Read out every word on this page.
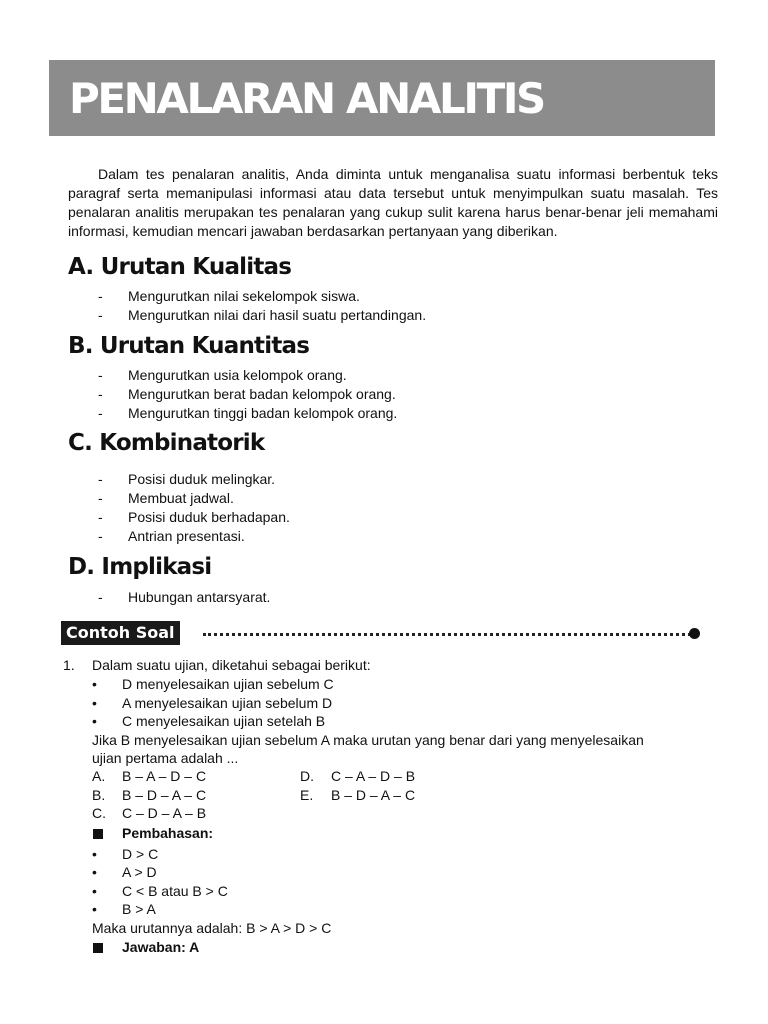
PENALARAN ANALITIS
Dalam tes penalaran analitis, Anda diminta untuk menganalisa suatu informasi berbentuk teks paragraf serta memanipulasi informasi atau data tersebut untuk menyimpulkan suatu masalah. Tes penalaran analitis merupakan tes penalaran yang cukup sulit karena harus benar-benar jeli memahami informasi, kemudian mencari jawaban berdasarkan pertanyaan yang diberikan.
A. Urutan Kualitas
- Mengurutkan nilai sekelompok siswa.
- Mengurutkan nilai dari hasil suatu pertandingan.
B. Urutan Kuantitas
- Mengurutkan usia kelompok orang.
- Mengurutkan berat badan kelompok orang.
- Mengurutkan tinggi badan kelompok orang.
C. Kombinatorik
- Posisi duduk melingkar.
- Membuat jadwal.
- Posisi duduk berhadapan.
- Antrian presentasi.
D. Implikasi
- Hubungan antarsyarat.
Contoh Soal
1. Dalam suatu ujian, diketahui sebagai berikut:
• D menyelesaikan ujian sebelum C
• A menyelesaikan ujian sebelum D
• C menyelesaikan ujian setelah B
Jika B menyelesaikan ujian sebelum A maka urutan yang benar dari yang menyelesaikan
ujian pertama adalah ...
A. B – A – D – C
B. B – D – A – C
C. C – D – A – B
D. C – A – D – B
E. B – D – A – C
Pembahasan:
• D > C
• A > D
• C < B atau B > C
• B > A
Maka urutannya adalah: B > A > D > C
Jawaban: A
